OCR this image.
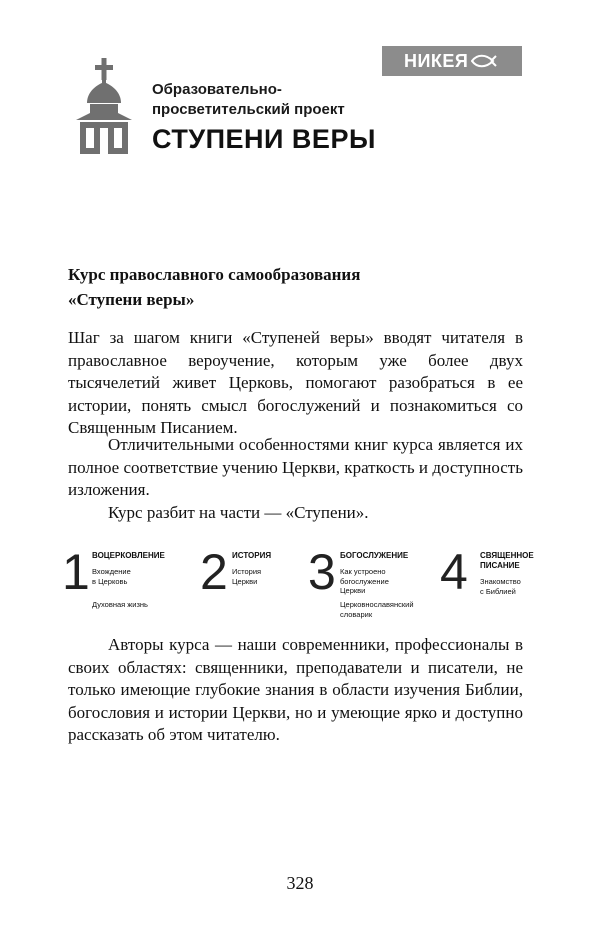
Образовательно-
просветительский проект
СТУПЕНИ ВЕРЫ
НИКЕЯ
Курс православного самообразования
«Ступени веры»

Шаг за шагом книги «Ступеней веры» вводят читателя в православное вероучение, которым уже более двух тысячелетий живет Церковь, помогают разобраться в ее истории, понять смысл богослужений и познакомиться со Священным Писанием.

Отличительными особенностями книг курса является их полное соответствие учению Церкви, краткость и доступность изложения.

Курс разбит на части — «Ступени».

1 ВОЦЕРКОВЛЕНИЕ
Вхождение
в Церковь
Духовная жизнь
2 ИСТОРИЯ
История
Церкви 3 БОГОСЛУЖЕНИЕ
Как устроено
богослужение
Церкви
Церковнославянский
словарик
4 СВЯЩЕННОЕ
ПИСАНИЕ
Знакомство
с Библией

Авторы курса — наши современники, профессионалы в своих областях: священники, преподаватели и писатели, не только имеющие глубокие знания в области изучения Библии, богословия и истории Церкви, но и умеющие ярко и доступно рассказать об этом читателю.

328
